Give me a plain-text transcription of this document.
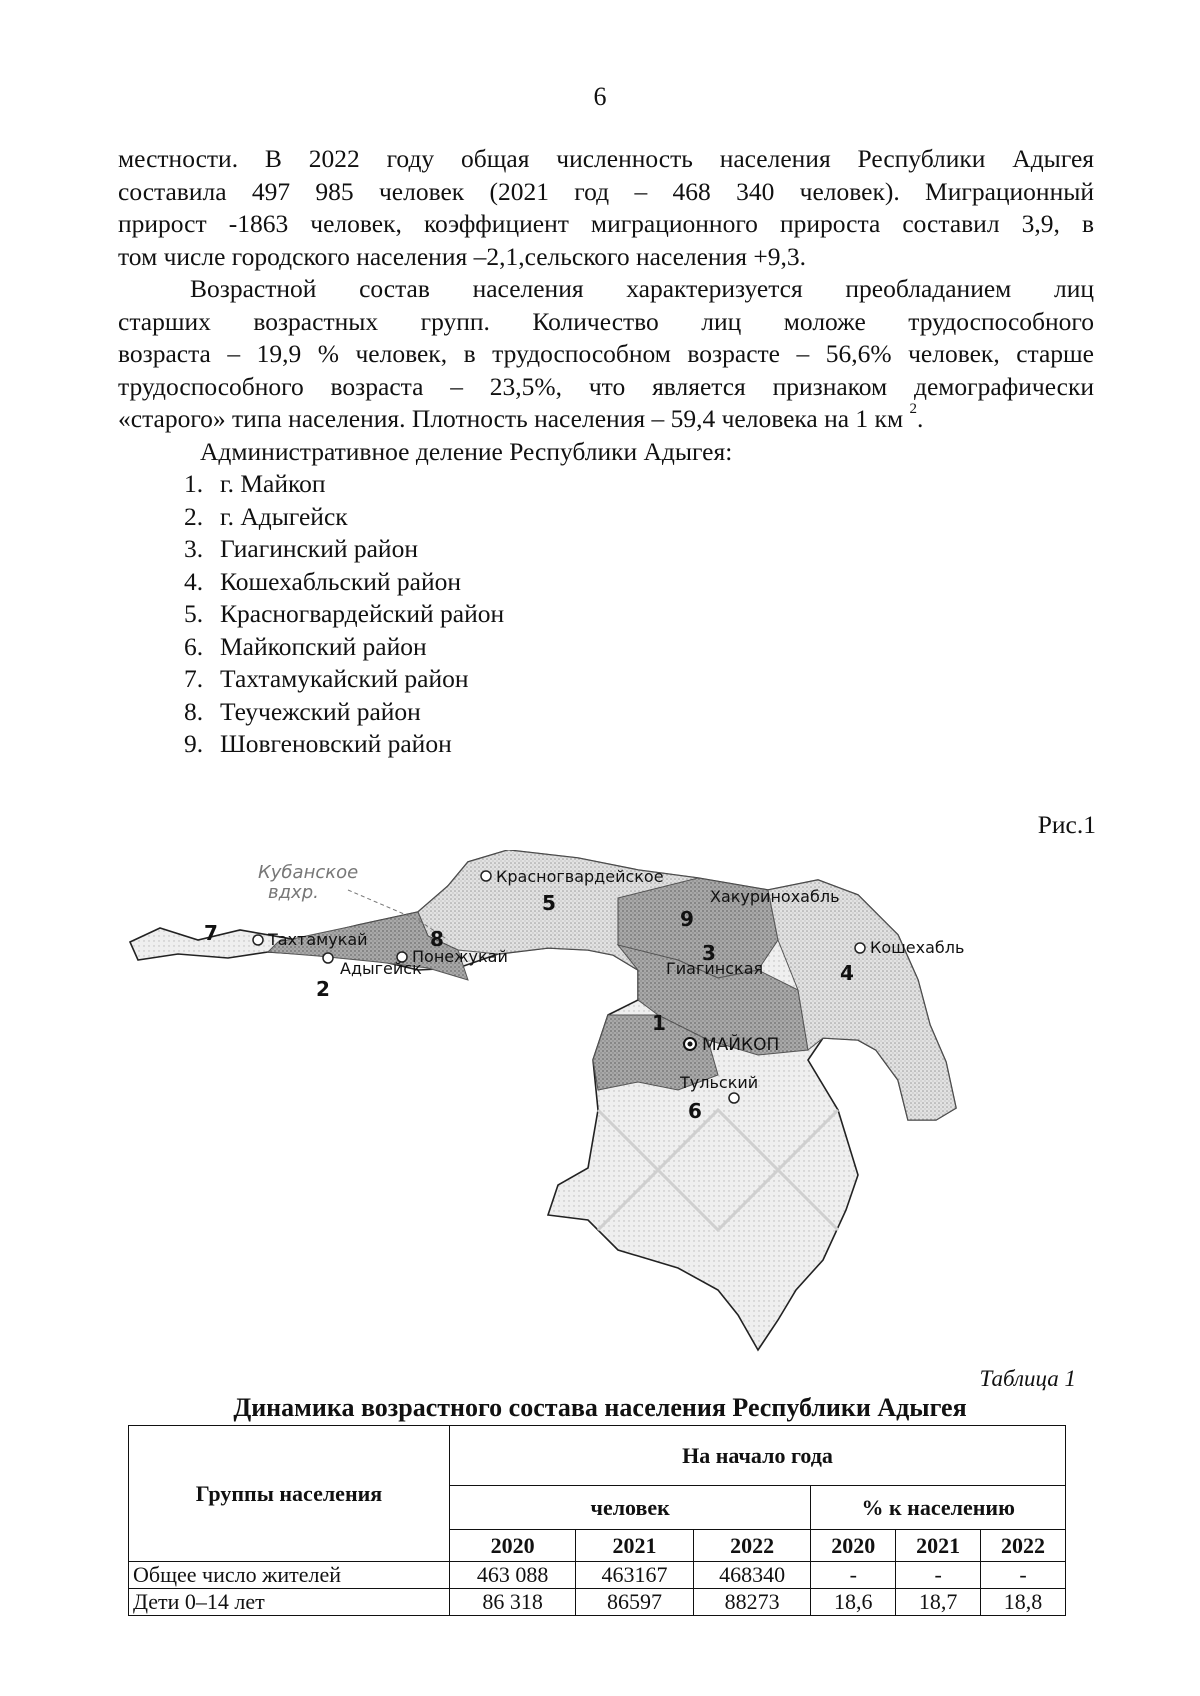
6

местности. В 2022 году общая численность населения Республики Адыгея

составила 497 985 человек (2021 год – 468 340 человек). Миграционный

прирост -1863 человек, коэффициент миграционного прироста составил 3,9, в

том числе городского населения –2,1,сельского населения +9,3.

Возрастной состав населения характеризуется преобладанием лиц

старших возрастных групп. Количество лиц моложе трудоспособного

возраста – 19,9 % человек, в трудоспособном возрасте – 56,6% человек, старше

трудоспособного возраста – 23,5%, что является признаком демографически

«старого» типа населения. Плотность населения – 59,4 человека на 1 км $^2$.

Административное деление Республики Адыгея:

1. г. Майкоп
2. г. Адыгейск
3. Гиагинский район
4. Кошехабльский район
5. Красногвардейский район
6. Майкопский район
7. Тахтамукайский район
8. Теучежский район
9. Шовгеновский район
Рис.1
Кубанское
вдхр.
Красногвардейское
Хакуринохабль
Кошехабль
Тахтамукай
Понежукай
Адыгейск	Гиагинская
МАЙКОП
Тульский
1
2
3
4
5
6
7	8
9
Таблица 1
Динамика возрастного состава населения Республики Адыгея
Группы населения	На начало года					
	человек			% к населению		
	2020	2021	2022	2020	2021	2022
Общее число жителей	463 088	463167	468340	-	-	-
Дети 0–14 лет	86 318	86597	88273	18,6	18,7	18,8
